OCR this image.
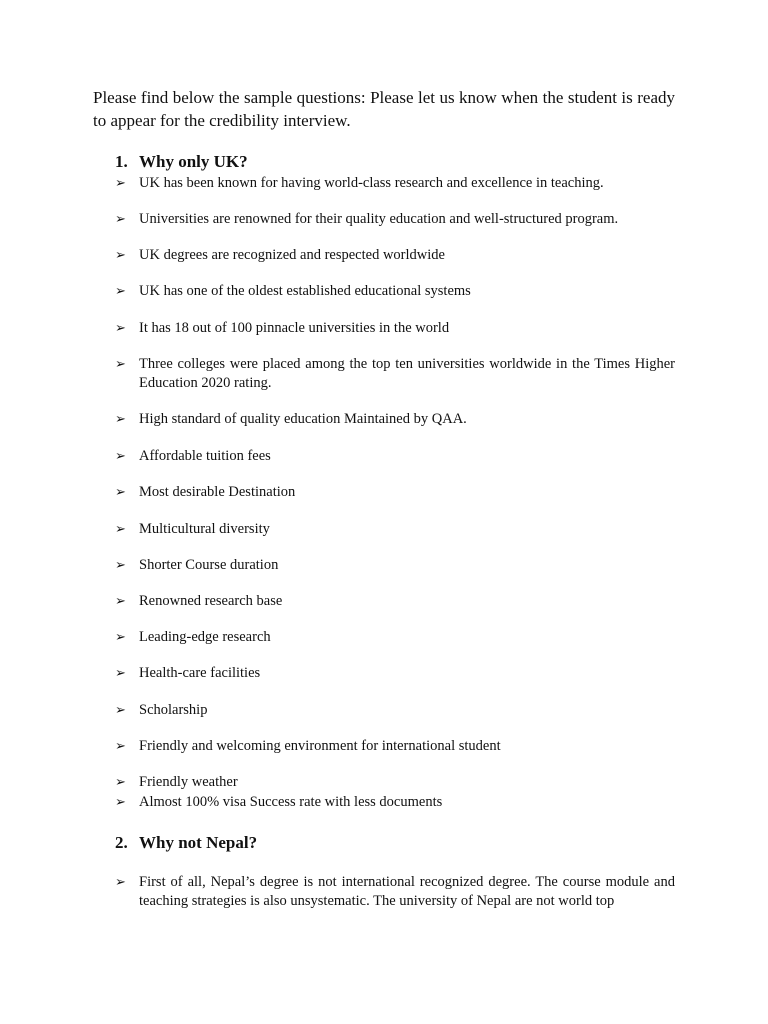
Please find below the sample questions: Please let us know when the student is ready to appear for the credibility interview.

1. Why only UK?
➢ UK has been known for having world-class research and excellence in teaching.
➢ Universities are renowned for their quality education and well-structured program.
➢ UK degrees are recognized and respected worldwide
➢ UK has one of the oldest established educational systems
➢ It has 18 out of 100 pinnacle universities in the world
➢ Three colleges were placed among the top ten universities worldwide in the Times Higher Education 2020 rating.
➢ High standard of quality education Maintained by QAA.
➢ Affordable tuition fees
➢ Most desirable Destination
➢ Multicultural diversity
➢ Shorter Course duration
➢ Renowned research base
➢ Leading-edge research
➢ Health-care facilities
➢ Scholarship
➢ Friendly and welcoming environment for international student
➢ Friendly weather
➢ Almost 100% visa Success rate with less documents
2. Why not Nepal?
➢ First of all, Nepal’s degree is not international recognized degree. The course module and teaching strategies is also unsystematic. The university of Nepal are not world top
